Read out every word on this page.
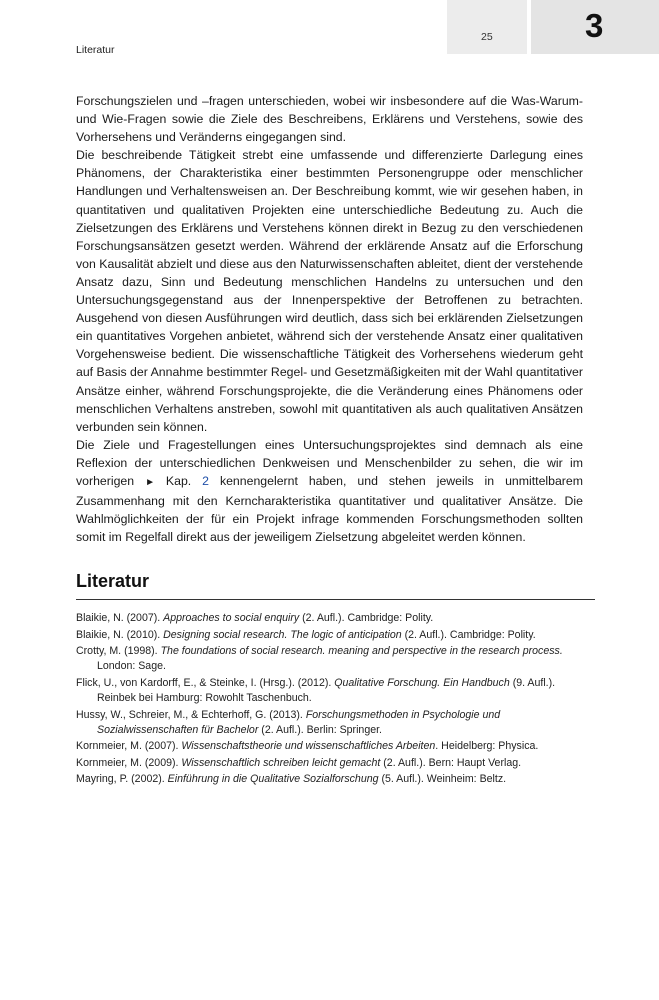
Literatur
25	3

Forschungszielen und –fragen unterschieden, wobei wir insbesondere auf die Was-Warum- und Wie-Fragen sowie die Ziele des Beschreibens, Erklärens und Verstehens, sowie des Vorhersehens und Veränderns eingegangen sind.

Die beschreibende Tätigkeit strebt eine umfassende und differenzierte Darlegung eines Phänomens, der Charakteristika einer bestimmten Personengruppe oder menschlicher Handlungen und Verhaltensweisen an. Der Beschreibung kommt, wie wir gesehen haben, in quantitativen und qualitativen Projekten eine unterschiedliche Bedeutung zu. Auch die Zielsetzungen des Erklärens und Verstehens können direkt in Bezug zu den verschiedenen Forschungsansätzen gesetzt werden. Während der erklärende Ansatz auf die Erforschung von Kausalität abzielt und diese aus den Naturwissenschaften ableitet, dient der verstehende Ansatz dazu, Sinn und Bedeutung menschlichen Handelns zu untersuchen und den Untersuchungsgegenstand aus der Innenperspektive der Betroffenen zu betrachten. Ausgehend von diesen Ausführungen wird deutlich, dass sich bei erklärenden Zielsetzungen ein quantitatives Vorgehen anbietet, während sich der verstehende Ansatz einer qualitativen Vorgehensweise bedient. Die wissenschaftliche Tätigkeit des Vorhersehens wiederum geht auf Basis der Annahme bestimmter Regel- und Gesetzmäßigkeiten mit der Wahl quantitativer Ansätze einher, während Forschungsprojekte, die die Veränderung eines Phänomens oder menschlichen Verhaltens anstreben, sowohl mit quantitativen als auch qualitativen Ansätzen verbunden sein können.

Die Ziele und Fragestellungen eines Untersuchungsprojektes sind demnach als eine Reflexion der unterschiedlichen Denkweisen und Menschenbilder zu sehen, die wir im vorherigen ► Kap. 2 kennengelernt haben, und stehen jeweils in unmittelbarem Zusammenhang mit den Kerncharakteristika quantitativer und qualitativer Ansätze. Die Wahlmöglichkeiten der für ein Projekt infrage kommenden Forschungsmethoden sollten somit im Regelfall direkt aus der jeweiligem Zielsetzung abgeleitet werden können.

Literatur

Blaikie, N. (2007). Approaches to social enquiry (2. Aufl.). Cambridge: Polity.

Blaikie, N. (2010). Designing social research. The logic of anticipation (2. Aufl.). Cambridge: Polity.

Crotty, M. (1998). The foundations of social research. meaning and perspective in the research process. London: Sage.

Flick, U., von Kardorff, E., & Steinke, I. (Hrsg.). (2012). Qualitative Forschung. Ein Handbuch (9. Aufl.). Reinbek bei Hamburg: Rowohlt Taschenbuch.

Hussy, W., Schreier, M., & Echterhoff, G. (2013). Forschungsmethoden in Psychologie und Sozialwissenschaften für Bachelor (2. Aufl.). Berlin: Springer.

Kornmeier, M. (2007). Wissenschaftstheorie und wissenschaftliches Arbeiten. Heidelberg: Physica.

Kornmeier, M. (2009). Wissenschaftlich schreiben leicht gemacht (2. Aufl.). Bern: Haupt Verlag.

Mayring, P. (2002). Einführung in die Qualitative Sozialforschung (5. Aufl.). Weinheim: Beltz.
